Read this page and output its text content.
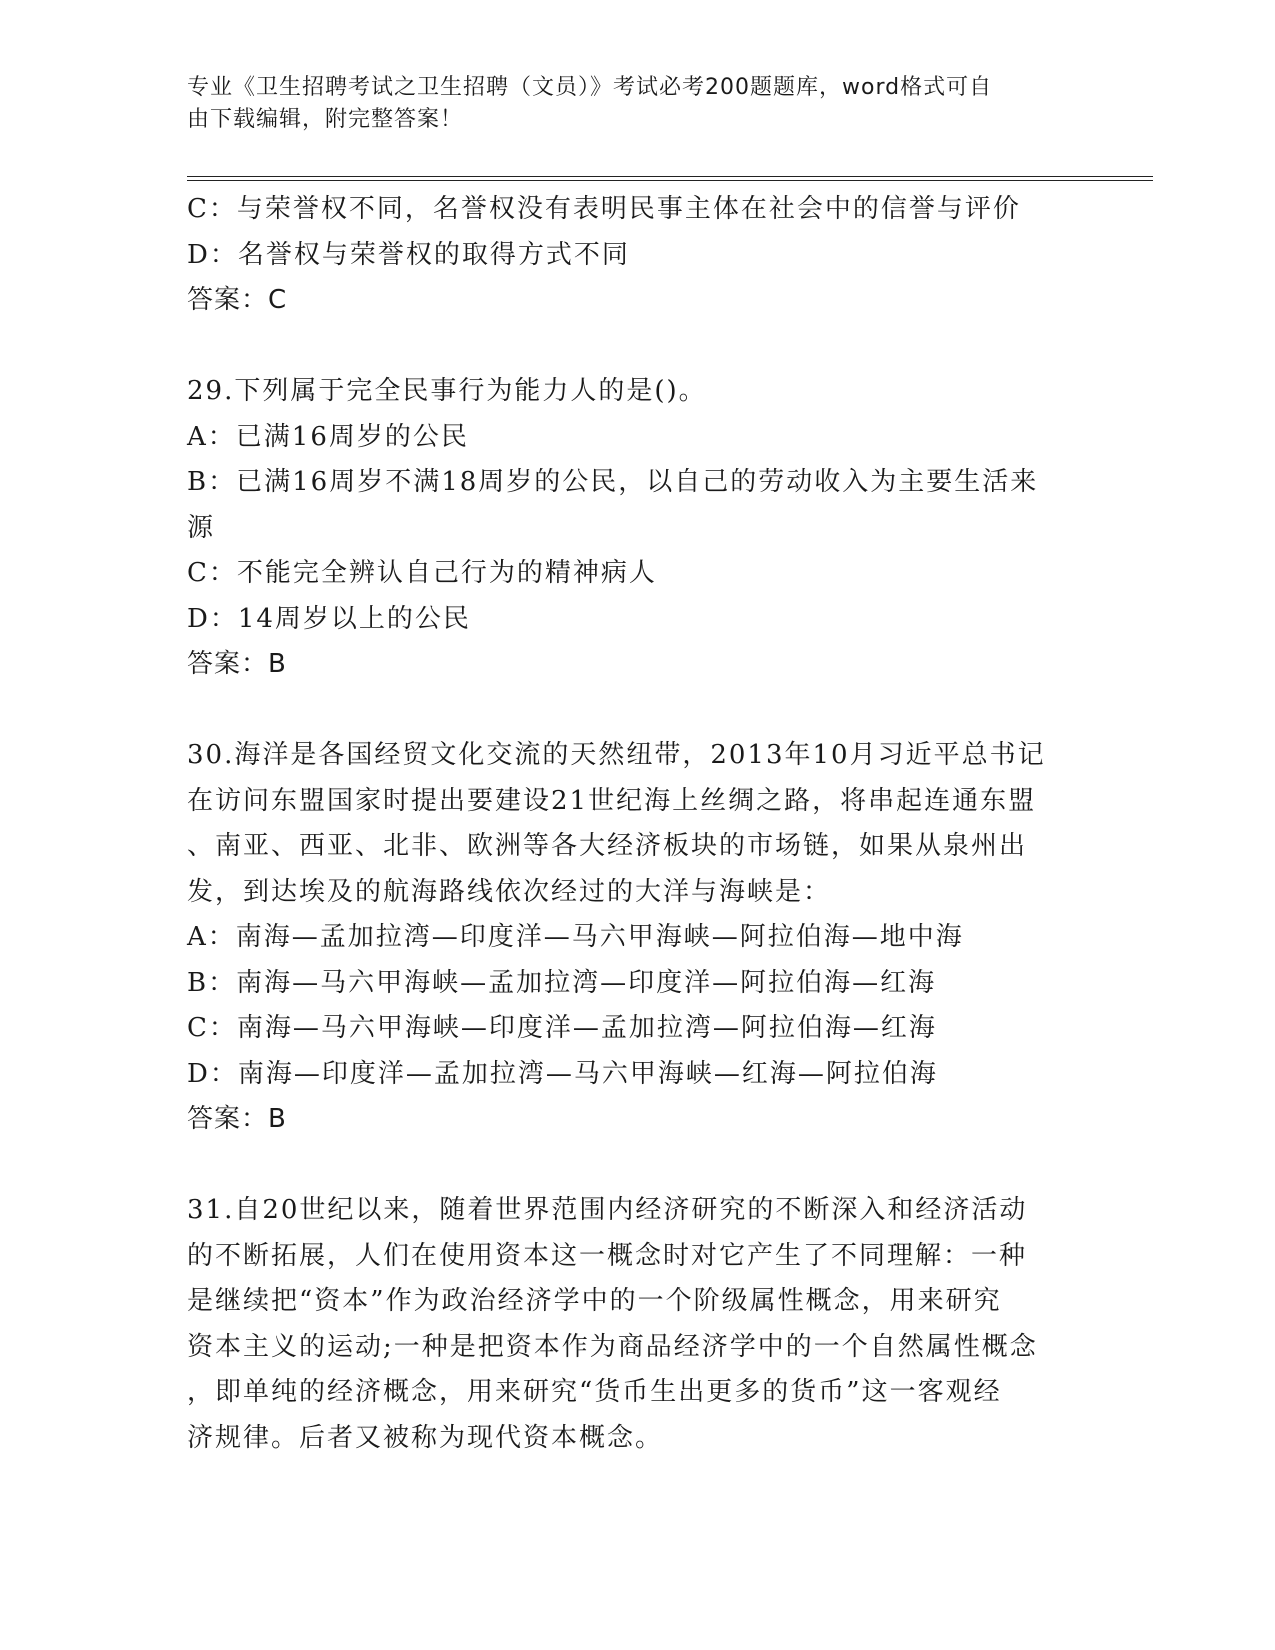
专业《卫生招聘考试之卫生招聘（文员）》考试必考200题题库，word格式可自
由下载编辑，附完整答案！
C：与荣誉权不同，名誉权没有表明民事主体在社会中的信誉与评价
D：名誉权与荣誉权的取得方式不同
答案：C
29.下列属于完全民事行为能力人的是()。
A：已满16周岁的公民
B：已满16周岁不满18周岁的公民，以自己的劳动收入为主要生活来
源
C：不能完全辨认自己行为的精神病人
D：14周岁以上的公民
答案：B
30.海洋是各国经贸文化交流的天然纽带，2013年10月习近平总书记
在访问东盟国家时提出要建设21世纪海上丝绸之路，将串起连通东盟
、南亚、西亚、北非、欧洲等各大经济板块的市场链，如果从泉州出
发，到达埃及的航海路线依次经过的大洋与海峡是：
A：南海—孟加拉湾—印度洋—马六甲海峡—阿拉伯海—地中海
B：南海—马六甲海峡—孟加拉湾—印度洋—阿拉伯海—红海
C：南海—马六甲海峡—印度洋—孟加拉湾—阿拉伯海—红海
D：南海—印度洋—孟加拉湾—马六甲海峡—红海—阿拉伯海
答案：B
31.自20世纪以来，随着世界范围内经济研究的不断深入和经济活动
的不断拓展，人们在使用资本这一概念时对它产生了不同理解：一种
是继续把“资本”作为政治经济学中的一个阶级属性概念，用来研究
资本主义的运动;一种是把资本作为商品经济学中的一个自然属性概念
，即单纯的经济概念，用来研究“货币生出更多的货币”这一客观经
济规律。后者又被称为现代资本概念。
